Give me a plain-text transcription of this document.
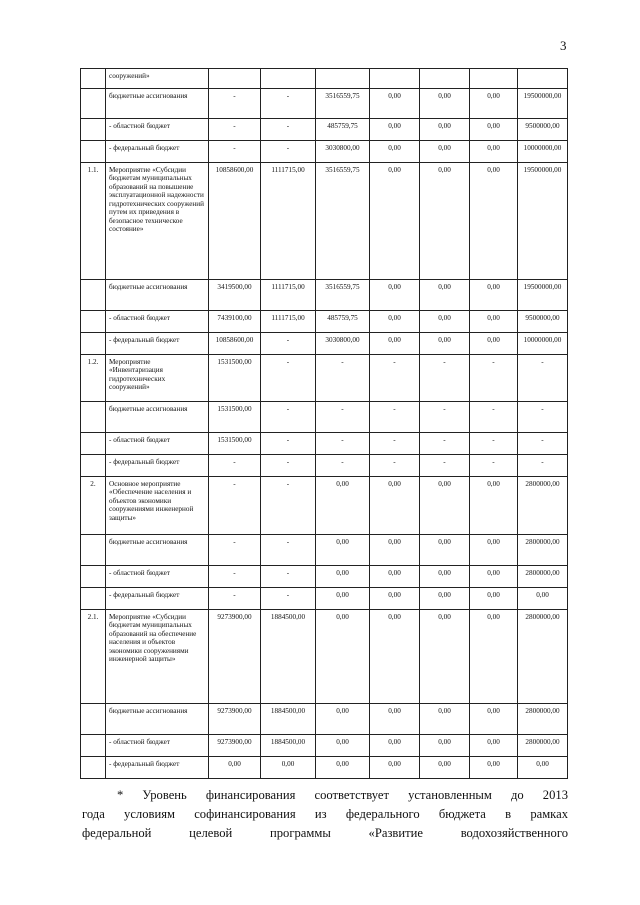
3
	сооружений»							
	бюджетные ассигнования	-	-	3516559,75	0,00	0,00	0,00	19500000,00
	- областной бюджет	-	-	485759,75	0,00	0,00	0,00	9500000,00
	- федеральный бюджет	-	-	3030800,00	0,00	0,00	0,00	10000000,00
1.1.	Мероприятие «Субсидии бюджетам муниципальных образований на повышение эксплуатационной надежности гидротехнических сооружений путем их приведения в безопасное техническое состояние»	10858600,00	1111715,00	3516559,75	0,00	0,00	0,00	19500000,00
	бюджетные ассигнования	3419500,00	1111715,00	3516559,75	0,00	0,00	0,00	19500000,00
	- областной бюджет	7439100,00	1111715,00	485759,75	0,00	0,00	0,00	9500000,00
	- федеральный бюджет	10858600,00	-	3030800,00	0,00	0,00	0,00	10000000,00
1.2.	Мероприятие «Инвентаризация гидротехнических сооружений»	1531500,00	-	-	-	-	-	-
	бюджетные ассигнования	1531500,00	-	-	-	-	-	-
	- областной бюджет	1531500,00	-	-	-	-	-	-
	- федеральный бюджет	-	-	-	-	-	-	-
2.	Основное мероприятие «Обеспечение населения и объектов экономики сооружениями инженерной защиты»	-	-	0,00	0,00	0,00	0,00	2800000,00
	бюджетные ассигнования	-	-	0,00	0,00	0,00	0,00	2800000,00
	- областной бюджет	-	-	0,00	0,00	0,00	0,00	2800000,00
	- федеральный бюджет	-	-	0,00	0,00	0,00	0,00	0,00
2.1.	Мероприятие «Субсидии бюджетам муниципальных образований на обеспечение населения и объектов экономики сооружениями инженерной защиты»	9273900,00	1884500,00	0,00	0,00	0,00	0,00	2800000,00
	бюджетные ассигнования	9273900,00	1884500,00	0,00	0,00	0,00	0,00	2800000,00
	- областной бюджет	9273900,00	1884500,00	0,00	0,00	0,00	0,00	2800000,00
	- федеральный бюджет	0,00	0,00	0,00	0,00	0,00	0,00	0,00
* Уровень финансирования соответствует установленным до 2013
года условиям софинансирования из федерального бюджета в рамках
федеральной целевой программы «Развитие водохозяйственного
